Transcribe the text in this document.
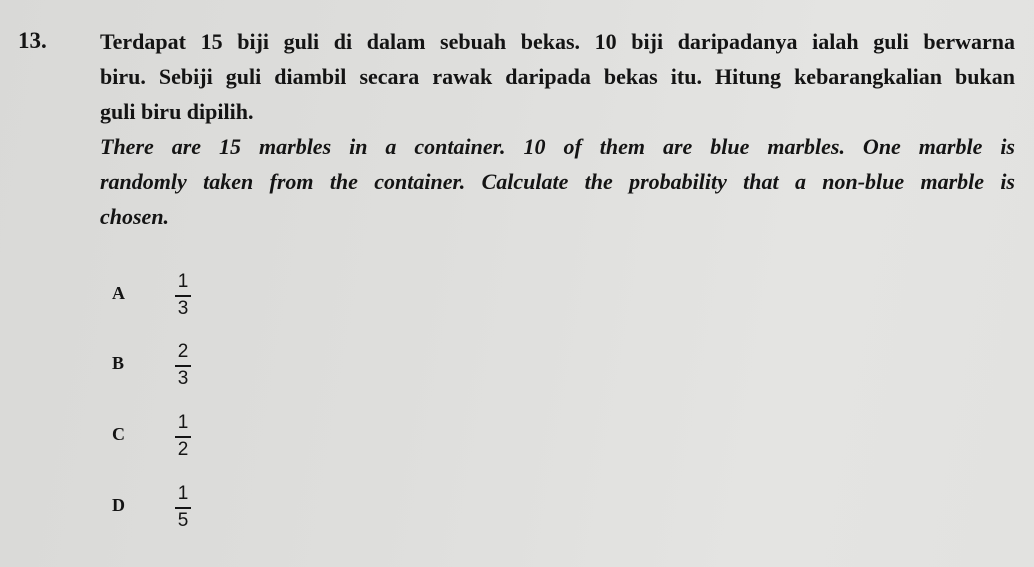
13. Terdapat 15 biji guli di dalam sebuah bekas. 10 biji daripadanya ialah guli berwarna
biru. Sebiji guli diambil secara rawak daripada bekas itu. Hitung kebarangkalian bukan
guli biru dipilih.

There are 15 marbles in a container. 10 of them are blue marbles. One marble is
randomly taken from the container. Calculate the probability that a non-blue marble is
chosen.

A
1
3
B
2
3
C
1
2
D
1
5
